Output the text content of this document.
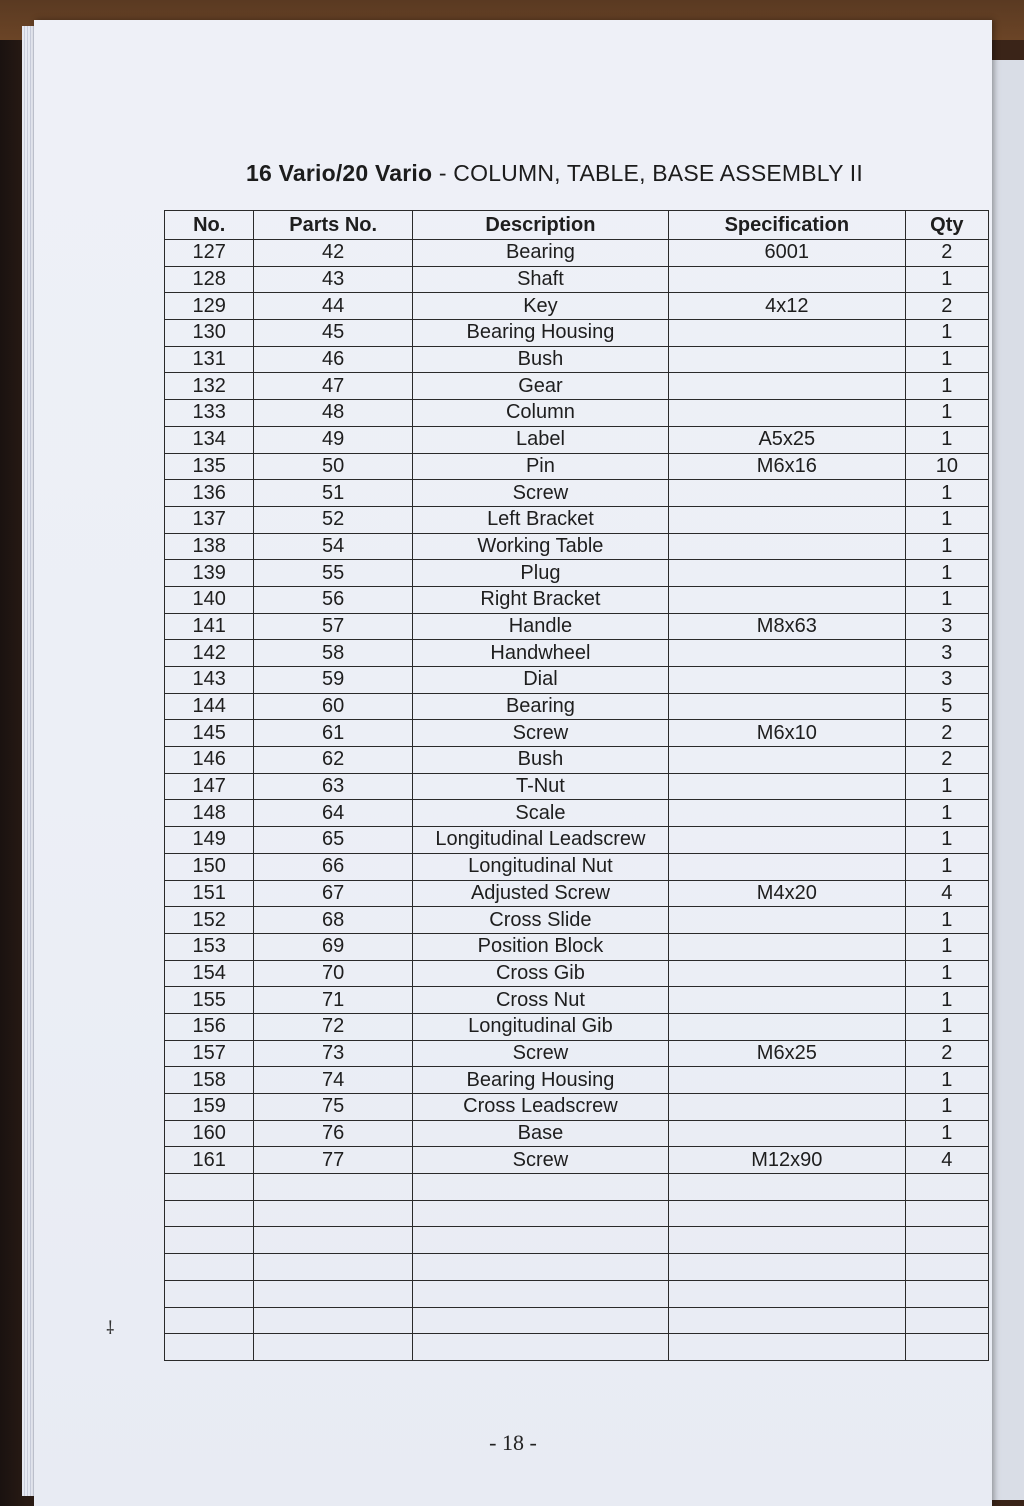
16 Vario/20 Vario - COLUMN, TABLE, BASE ASSEMBLY II
No.	Parts No.	Description	Specification	Qty
127	42	Bearing	6001	2
128	43	Shaft		1
129	44	Key	4x12	2
130	45	Bearing Housing		1
131	46	Bush		1
132	47	Gear		1
133	48	Column		1
134	49	Label	A5x25	1
135	50	Pin	M6x16	10
136	51	Screw		1
137	52	Left Bracket		1
138	54	Working Table		1
139	55	Plug		1
140	56	Right Bracket		1
141	57	Handle	M8x63	3
142	58	Handwheel		3
143	59	Dial		3
144	60	Bearing		5
145	61	Screw	M6x10	2
146	62	Bush		2
147	63	T-Nut		1
148	64	Scale		1
149	65	Longitudinal Leadscrew		1
150	66	Longitudinal Nut		1
151	67	Adjusted Screw	M4x20	4
152	68	Cross Slide		1
153	69	Position Block		1
154	70	Cross Gib		1
155	71	Cross Nut		1
156	72	Longitudinal Gib		1
157	73	Screw	M6x25	2
158	74	Bearing Housing		1
159	75	Cross Leadscrew		1
160	76	Base		1
161	77	Screw	M12x90	4

⸸
- 18 -
